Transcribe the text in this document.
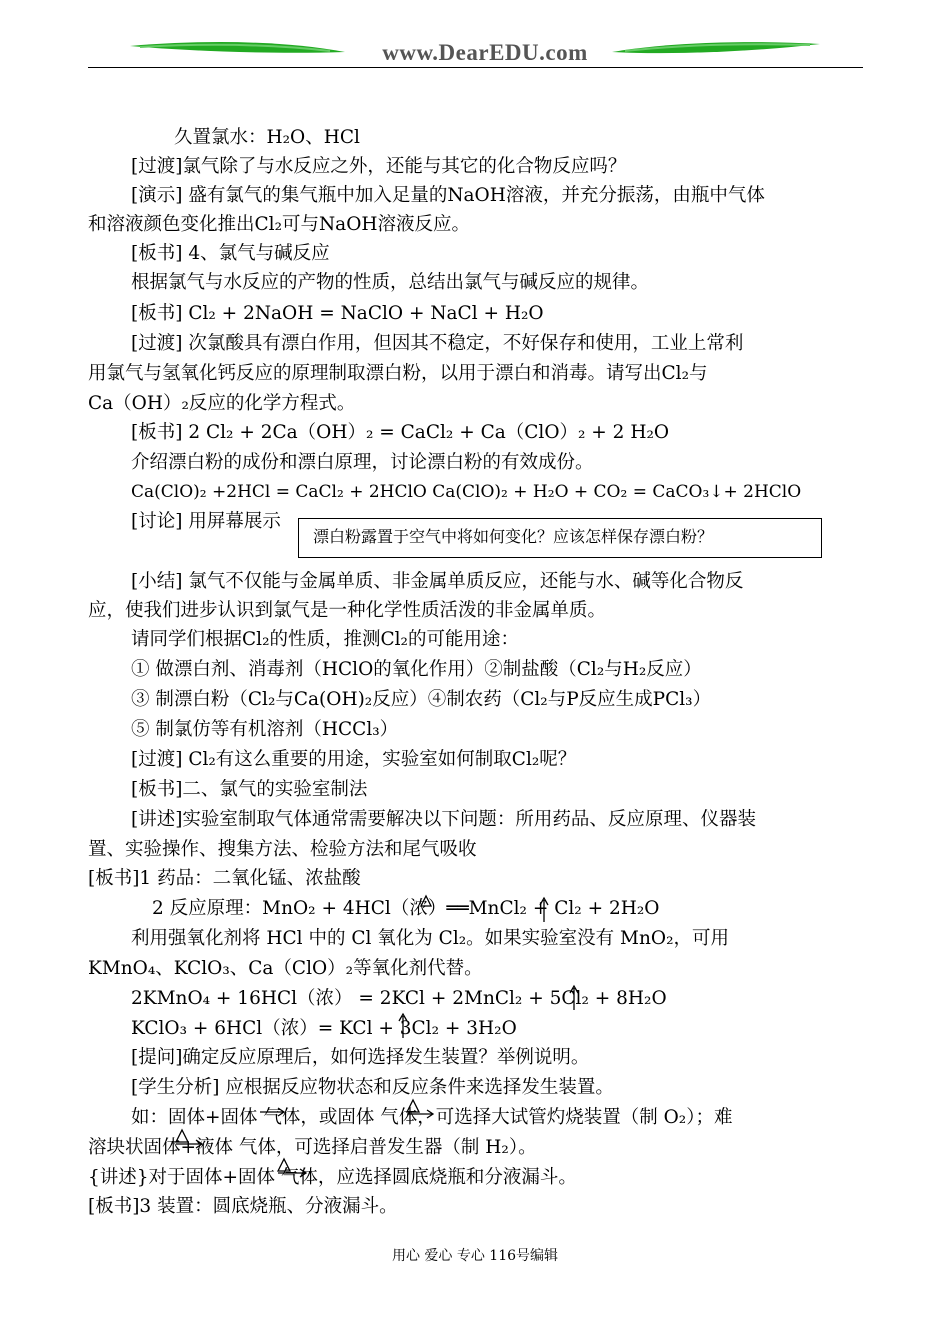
www.DearEDU.com
久置氯水：H₂O、HCl
[过渡]氯气除了与水反应之外，还能与其它的化合物反应吗？
[演示] 盛有氯气的集气瓶中加入足量的NaOH溶液，并充分振荡，由瓶中气体
和溶液颜色变化推出Cl₂可与NaOH溶液反应。
[板书] 4、氯气与碱反应
根据氯气与水反应的产物的性质，总结出氯气与碱反应的规律。
[板书] Cl₂ + 2NaOH = NaClO + NaCl + H₂O
[过渡] 次氯酸具有漂白作用，但因其不稳定，不好保存和使用，工业上常利
用氯气与氢氧化钙反应的原理制取漂白粉，以用于漂白和消毒。请写出Cl₂与
Ca（OH）₂反应的化学方程式。
[板书] 2 Cl₂ + 2Ca（OH）₂ = CaCl₂ + Ca（ClO）₂ + 2 H₂O
介绍漂白粉的成份和漂白原理，讨论漂白粉的有效成份。
Ca(ClO)₂ +2HCl = CaCl₂ + 2HClO Ca(ClO)₂ + H₂O + CO₂ = CaCO₃↓+ 2HClO
[讨论] 用屏幕展示
漂白粉露置于空气中将如何变化？应该怎样保存漂白粉？
[小结] 氯气不仅能与金属单质、非金属单质反应，还能与水、碱等化合物反
应，使我们进步认识到氯气是一种化学性质活泼的非金属单质。
请同学们根据Cl₂的性质，推测Cl₂的可能用途：
① 做漂白剂、消毒剂（HClO的氧化作用）②制盐酸（Cl₂与H₂反应）
③ 制漂白粉（Cl₂与Ca(OH)₂反应）④制农药（Cl₂与P反应生成PCl₃）
⑤ 制氯仿等有机溶剂（HCCl₃）
[过渡] Cl₂有这么重要的用途，实验室如何制取Cl₂呢？
[板书]二、氯气的实验室制法
[讲述]实验室制取气体通常需要解决以下问题：所用药品、反应原理、仪器装
置、实验操作、搜集方法、检验方法和尾气吸收
[板书]1 药品：二氧化锰、浓盐酸
2 反应原理：MnO₂ + 4HCl（浓）══MnCl₂ + Cl₂ + 2H₂O
利用强氧化剂将 HCl 中的 Cl 氧化为 Cl₂。如果实验室没有 MnO₂，可用
KMnO₄、KClO₃、Ca（ClO）₂等氧化剂代替。
2KMnO₄ + 16HCl（浓） = 2KCl + 2MnCl₂ + 5Cl₂ + 8H₂O
KClO₃ + 6HCl（浓）= KCl + 3Cl₂ + 3H₂O
[提问]确定反应原理后，如何选择发生装置？举例说明。
[学生分析] 应根据反应物状态和反应条件来选择发生装置。
如：固体+固体 气体，或固体 气体，可选择大试管灼烧装置（制 O₂）；难
溶块状固体+液体 气体，可选择启普发生器（制 H₂）。
{讲述}对于固体+固体 气体，应选择圆底烧瓶和分液漏斗。
[板书]3 装置：圆底烧瓶、分液漏斗。
用心 爱心 专心 116号编辑
